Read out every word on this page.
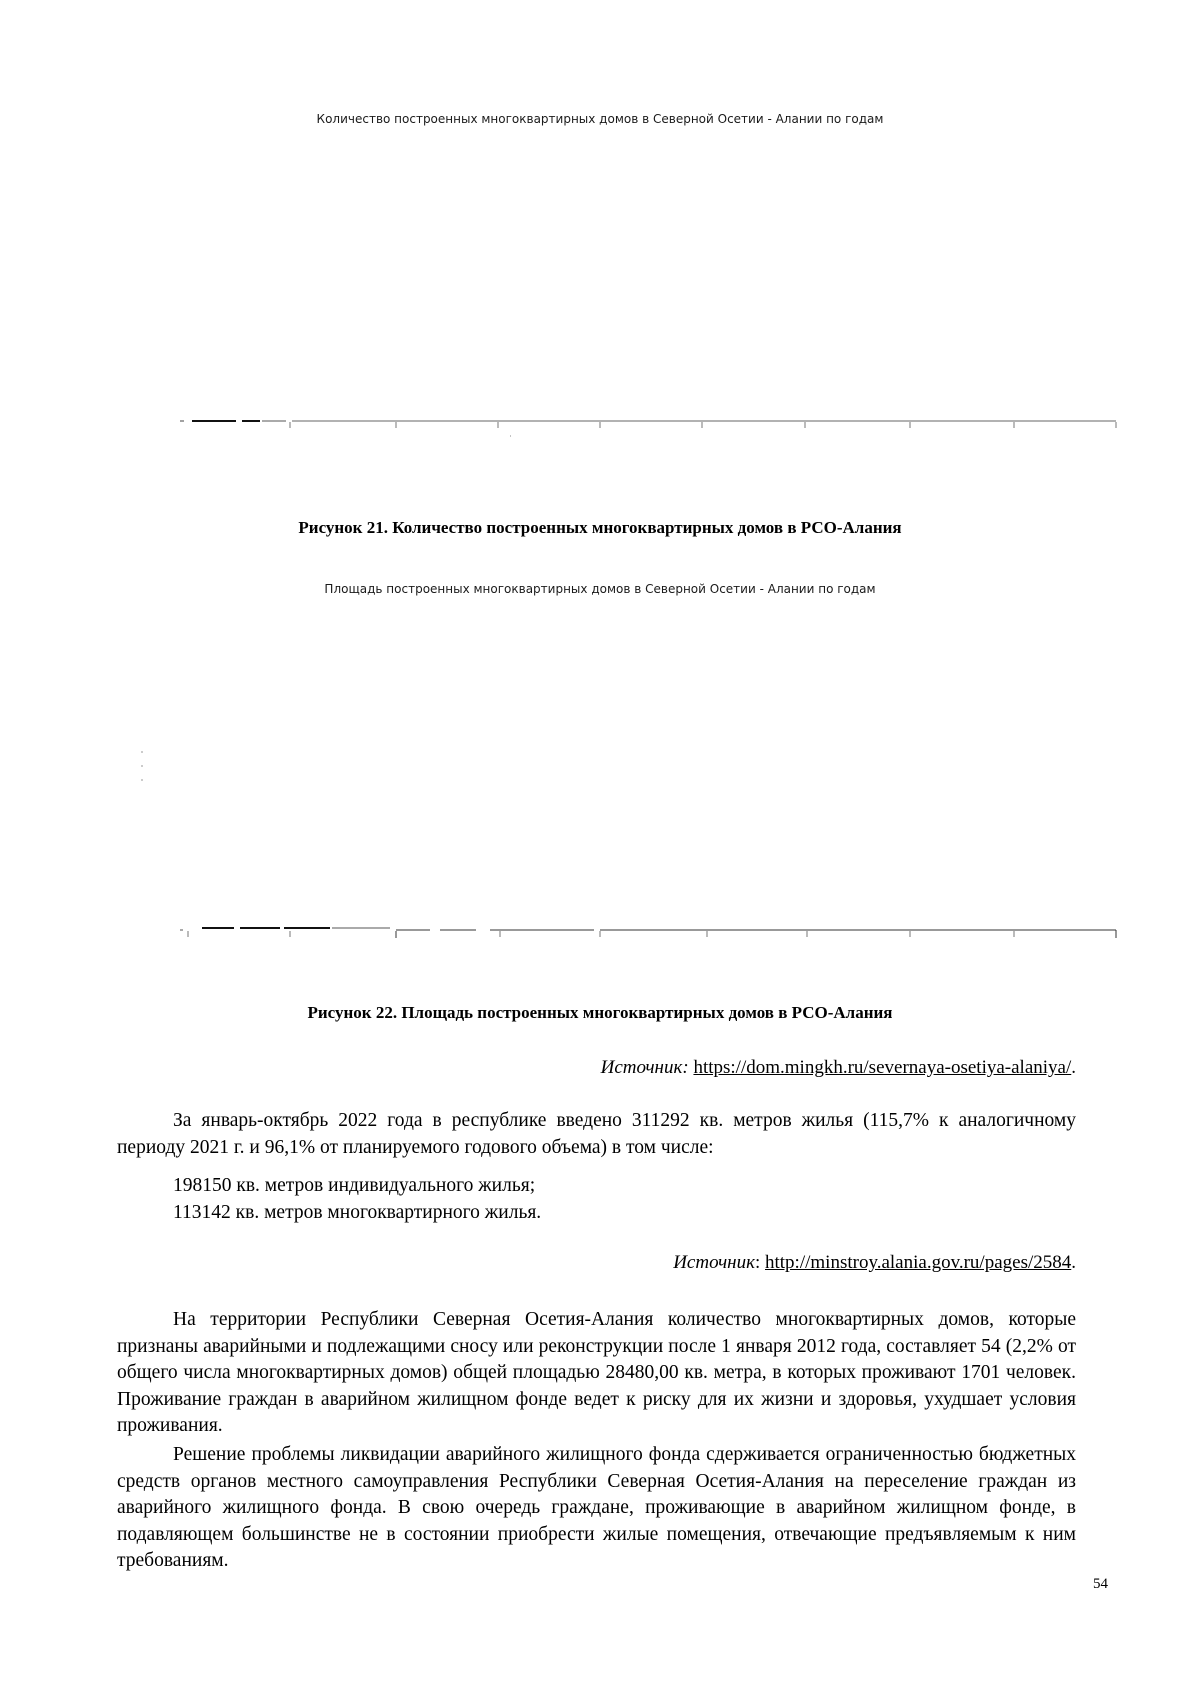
Количество построенных многоквартирных домов в Северной Осетии - Алании по годам
Рисунок 21. Количество построенных многоквартирных домов в РСО-Алания
Площадь построенных многоквартирных домов в Северной Осетии - Алании по годам
Рисунок 22. Площадь построенных многоквартирных домов в РСО-Алания
Источник: https://dom.mingkh.ru/severnaya-osetiya-alaniya/.

За январь-октябрь 2022 года в республике введено 311292 кв. метров жилья (115,7% к аналогичному периоду 2021 г. и 96,1% от планируемого годового объема) в том числе:

198150 кв. метров индивидуального жилья;

113142 кв. метров многоквартирного жилья.

Источник: http://minstroy.alania.gov.ru/pages/2584.

На территории Республики Северная Осетия-Алания количество многоквартирных домов, которые признаны аварийными и подлежащими сносу или реконструкции после 1 января 2012 года, составляет 54 (2,2% от общего числа многоквартирных домов) общей площадью 28480,00 кв. метра, в которых проживают 1701 человек. Проживание граждан в аварийном жилищном фонде ведет к риску для их жизни и здоровья, ухудшает условия проживания.

Решение проблемы ликвидации аварийного жилищного фонда сдерживается ограниченностью бюджетных средств органов местного самоуправления Республики Северная Осетия-Алания на переселение граждан из аварийного жилищного фонда. В свою очередь граждане, проживающие в аварийном жилищном фонде, в подавляющем большинстве не в состоянии приобрести жилые помещения, отвечающие предъявляемым к ним требованиям.

54
